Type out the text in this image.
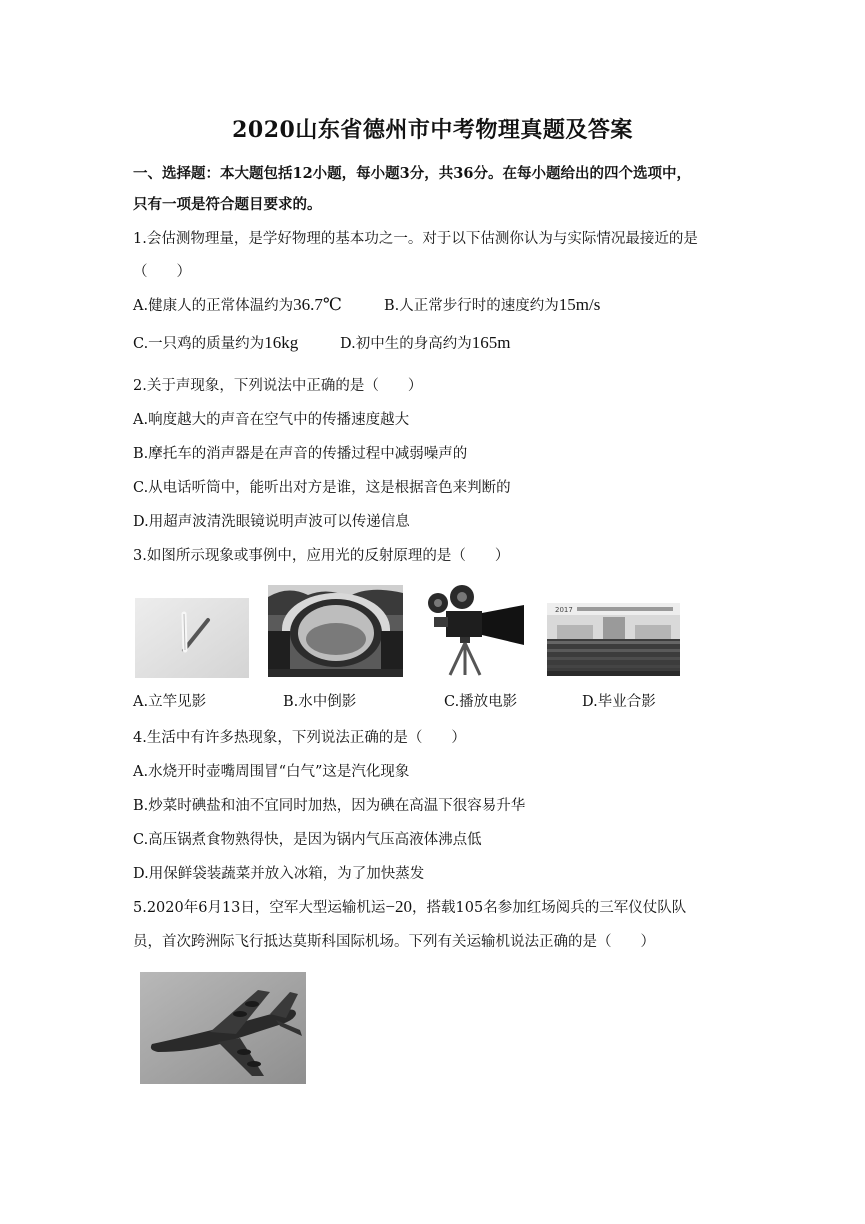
2020山东省德州市中考物理真题及答案
一、选择题：本大题包括12小题，每小题3分，共36分。在每小题给出的四个选项中，
只有一项是符合题目要求的。
1.会估测物理量，是学好物理的基本功之一。对于以下估测你认为与实际情况最接近的是
（　　）
A.健康人的正常体温约为36.7℃	B.人正常步行时的速度约为15m/s
C.一只鸡的质量约为16kg	D.初中生的身高约为165m
2.关于声现象，下列说法中正确的是（　　）
A.响度越大的声音在空气中的传播速度越大
B.摩托车的消声器是在声音的传播过程中减弱噪声的
C.从电话听筒中，能听出对方是谁，这是根据音色来判断的
D.用超声波清洗眼镜说明声波可以传递信息
3.如图所示现象或事例中，应用光的反射原理的是（　　）
2017
A.立竿见影	B.水中倒影	C.播放电影	D.毕业合影
4.生活中有许多热现象，下列说法正确的是（　　）
A.水烧开时壶嘴周围冒“白气”这是汽化现象
B.炒菜时碘盐和油不宜同时加热，因为碘在高温下很容易升华
C.高压锅煮食物熟得快，是因为锅内气压高液体沸点低
D.用保鲜袋装蔬菜并放入冰箱，为了加快蒸发
5.2020年6月13日，空军大型运输机运−20，搭载105名参加红场阅兵的三军仪仗队队
员，首次跨洲际飞行抵达莫斯科国际机场。下列有关运输机说法正确的是（　　）
